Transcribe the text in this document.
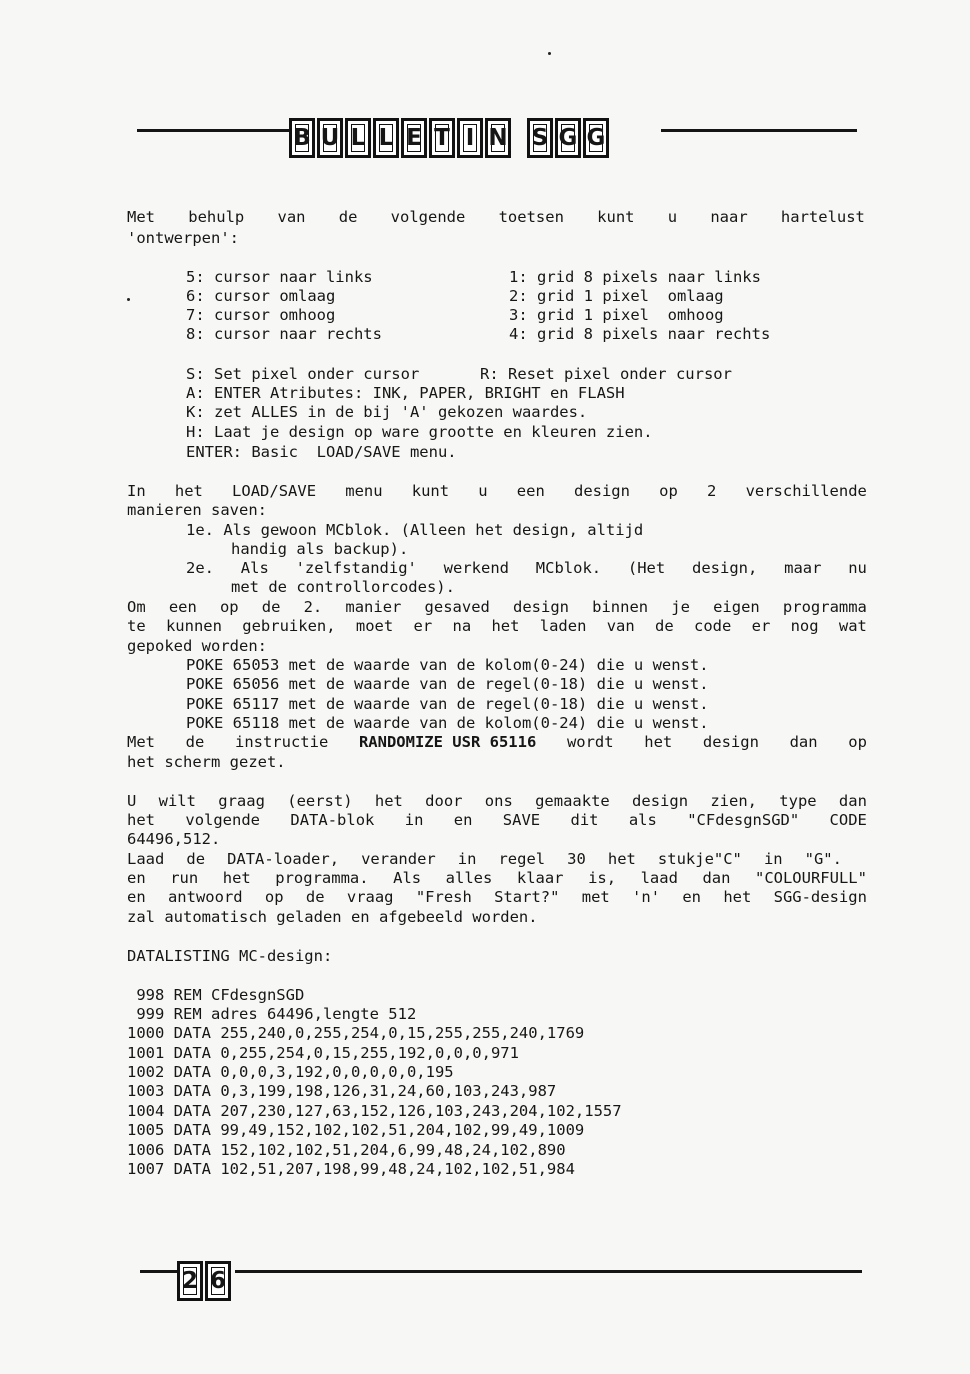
B U L L E T I N S G G
Met behulp van de volgende toetsen kunt u naar hartelust
'ontwerpen':
5: cursor naar links
6: cursor omlaag
7: cursor omhoog
8: cursor naar rechts
1: grid 8 pixels naar links
2: grid 1 pixel  omlaag
3: grid 1 pixel  omhoog
4: grid 8 pixels naar rechts
S: Set pixel onder cursor	R: Reset pixel onder cursor
A: ENTER Atributes: INK, PAPER, BRIGHT en FLASH
K: zet ALLES in de bij 'A' gekozen waardes.
H: Laat je design op ware grootte en kleuren zien.
ENTER: Basic  LOAD/SAVE menu.
In het LOAD/SAVE menu kunt u een design op 2 verschillende
manieren saven:
1e. Als gewoon MCblok. (Alleen het design, altijd
handig als backup).
2e. Als 'zelfstandig' werkend MCblok. (Het design, maar nu
met de controllorcodes).
Om een op de 2. manier gesaved design binnen je eigen programma
te kunnen gebruiken, moet er na het laden van de code er nog wat
gepoked worden:
POKE 65053 met de waarde van de kolom(0-24) die u wenst.
POKE 65056 met de waarde van de regel(0-18) die u wenst.
POKE 65117 met de waarde van de regel(0-18) die u wenst.
POKE 65118 met de waarde van de kolom(0-24) die u wenst.
Met de instructie RANDOMIZE USR 65116 wordt het design dan op
het scherm gezet.
U wilt graag (eerst) het door ons gemaakte design zien, type dan
het volgende DATA-blok in en SAVE dit als "CFdesgnSGD" CODE
64496,512.
Laad de DATA-loader, verander in regel 30 het stukje"C" in "G".
en run het programma. Als alles klaar is, laad dan "COLOURFULL"
en antwoord op de vraag "Fresh Start?" met 'n' en het SGG-design
zal automatisch geladen en afgebeeld worden.
DATALISTING MC-design:
998 REM CFdesgnSGD
999 REM adres 64496,lengte 512
1000 DATA 255,240,0,255,254,0,15,255,255,240,1769
1001 DATA 0,255,254,0,15,255,192,0,0,0,971
1002 DATA 0,0,0,3,192,0,0,0,0,0,195
1003 DATA 0,3,199,198,126,31,24,60,103,243,987
1004 DATA 207,230,127,63,152,126,103,243,204,102,1557
1005 DATA 99,49,152,102,102,51,204,102,99,49,1009
1006 DATA 152,102,102,51,204,6,99,48,24,102,890
1007 DATA 102,51,207,198,99,48,24,102,102,51,984
2 6
